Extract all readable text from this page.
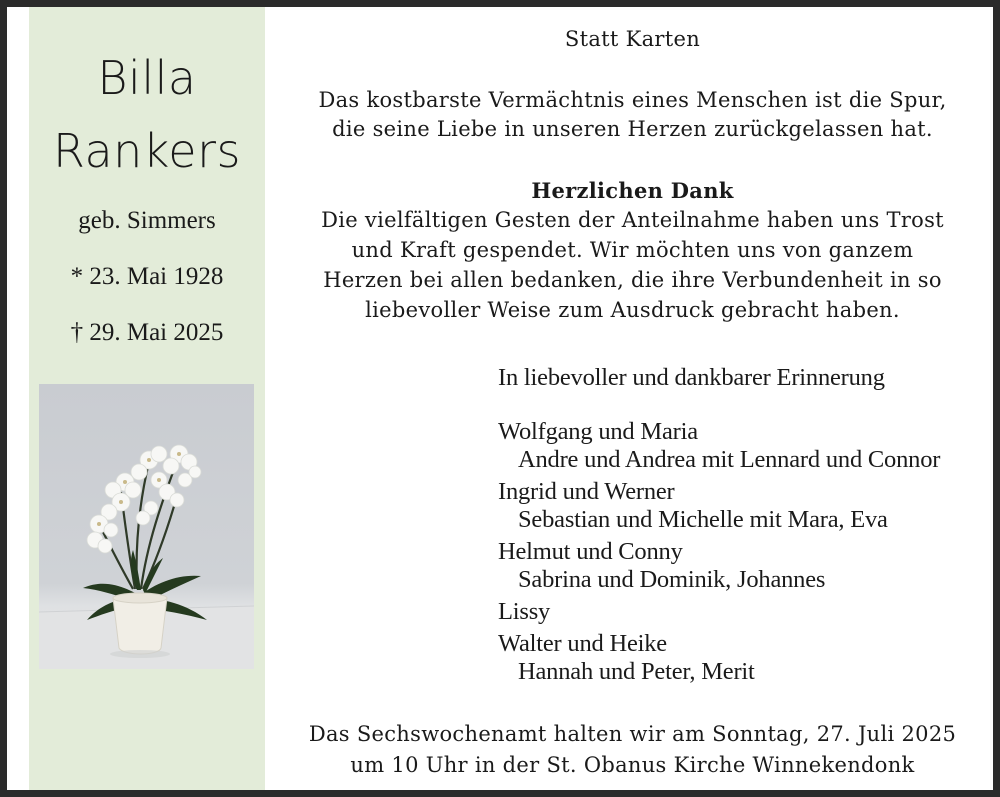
Billa
Rankers
geb. Simmers
* 23. Mai 1928
† 29. Mai 2025
Statt Karten
Das kostbarste Vermächtnis eines Menschen ist die Spur,
die seine Liebe in unseren Herzen zurückgelassen hat.
Herzlichen Dank
Die vielfältigen Gesten der Anteilnahme haben uns Trost
und Kraft gespendet. Wir möchten uns von ganzem
Herzen bei allen bedanken, die ihre Verbundenheit in so
liebevoller Weise zum Ausdruck gebracht haben.
In liebevoller und dankbarer Erinnerung
Wolfgang und Maria
Andre und Andrea mit Lennard und Connor
Ingrid und Werner
Sebastian und Michelle mit Mara, Eva
Helmut und Conny
Sabrina und Dominik, Johannes
Lissy
Walter und Heike
Hannah und Peter, Merit
Das Sechswochenamt halten wir am Sonntag, 27. Juli 2025
um 10 Uhr in der St. Obanus Kirche Winnekendonk
